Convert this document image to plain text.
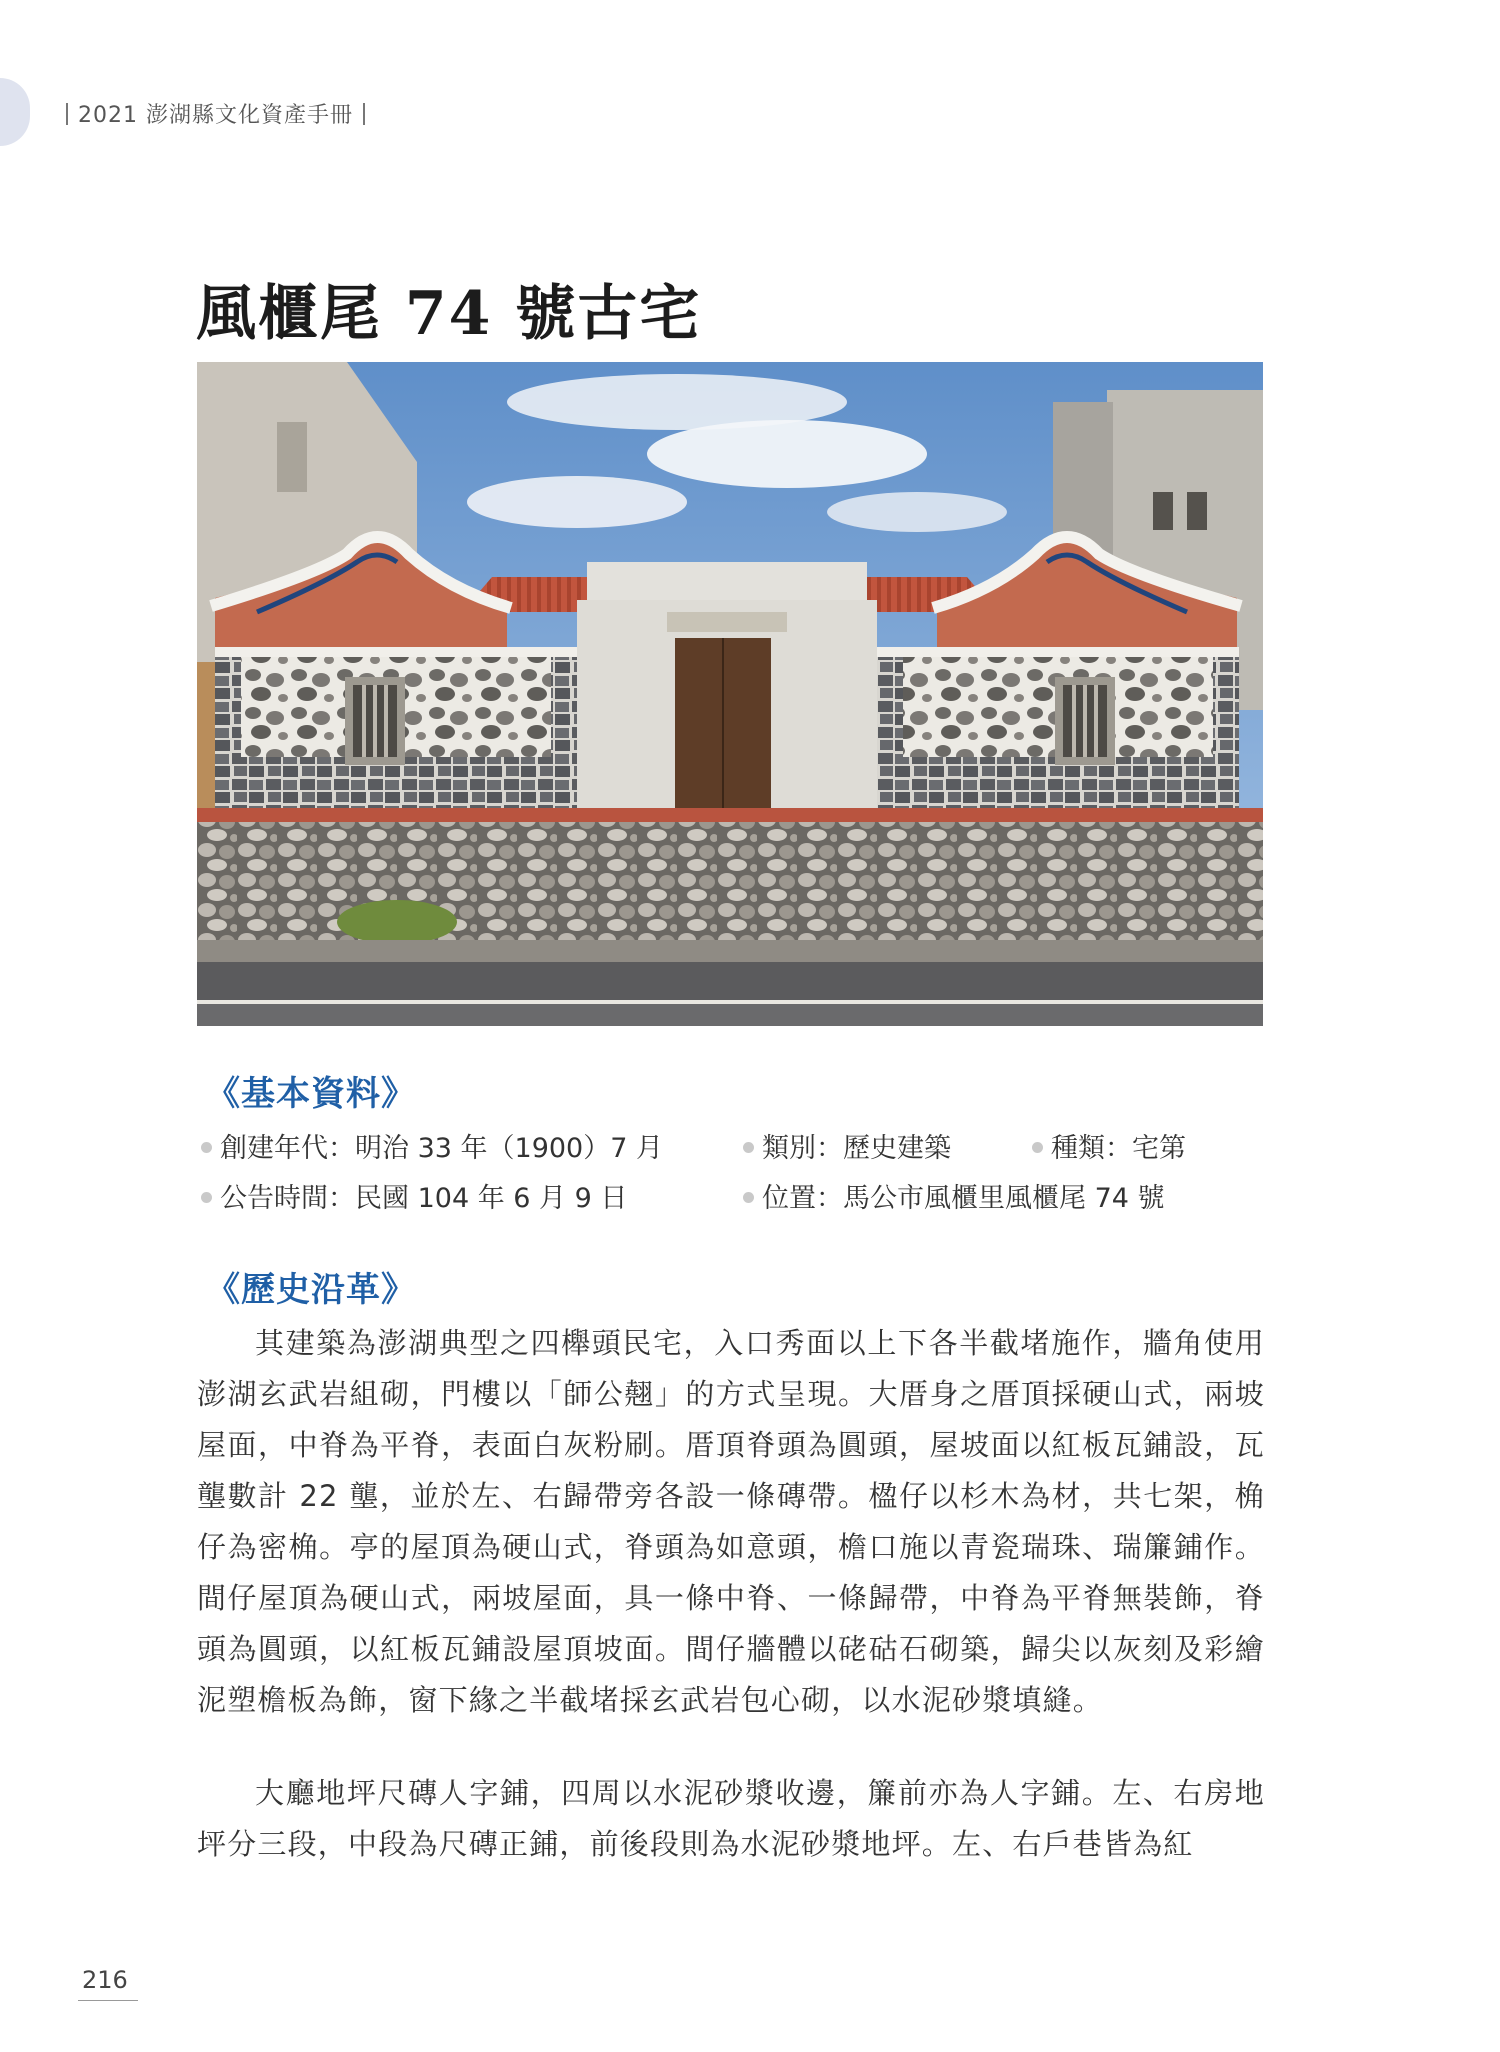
2021 澎湖縣文化資產手冊
風櫃尾 74 號古宅
《基本資料》
創建年代：明治 33 年（1900）7 月	類別：歷史建築	種類：宅第
公告時間：民國 104 年 6 月 9 日	位置：馬公市風櫃里風櫃尾 74 號
《歷史沿革》

其建築為澎湖典型之四櫸頭民宅，入口秀面以上下各半截堵施作，牆角使用澎湖玄武岩組砌，門樓以「師公翹」的方式呈現。大厝身之厝頂採硬山式，兩坡屋面，中脊為平脊，表面白灰粉刷。厝頂脊頭為圓頭，屋坡面以紅板瓦鋪設，瓦壟數計 22 壟，並於左、右歸帶旁各設一條磚帶。楹仔以杉木為材，共七架，桷仔為密桷。亭的屋頂為硬山式，脊頭為如意頭，檐口施以青瓷瑞珠、瑞簾鋪作。間仔屋頂為硬山式，兩坡屋面，具一條中脊、一條歸帶，中脊為平脊無裝飾，脊頭為圓頭，以紅板瓦鋪設屋頂坡面。間仔牆體以硓𥑮石砌築，歸尖以灰刻及彩繪泥塑檐板為飾，窗下緣之半截堵採玄武岩包心砌，以水泥砂漿填縫。

大廳地坪尺磚人字鋪，四周以水泥砂漿收邊，簾前亦為人字鋪。左、右房地坪分三段，中段為尺磚正鋪，前後段則為水泥砂漿地坪。左、右戶巷皆為紅

216
